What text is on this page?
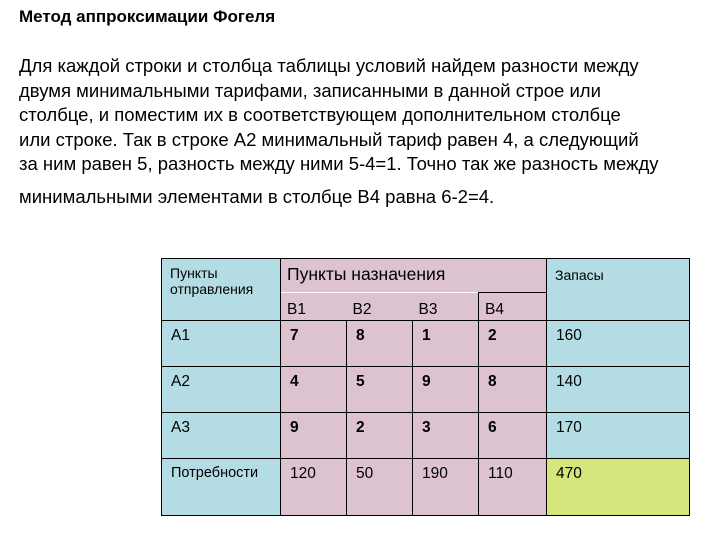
Метод аппроксимации Фогеля
Для каждой строки и столбца таблицы условий найдем разности между
двумя минимальными тарифами, записанными в данной строе или
столбце, и поместим их в соответствующем дополнительном столбце
или строке. Так в строке А2 минимальный тариф равен 4, а следующий
за ним равен 5, разность между ними 5-4=1. Точно так же разность между
минимальными элементами в столбце В4 равна 6-2=4.
Пункты отправления	Пункты назначения				Запасы

	В1	В2	В3	В4	

А1	7	8	1	2	160

А2	4	5	9	8	140

А3	9	2	3	6	170

Потребности	120	50	190	110	470
